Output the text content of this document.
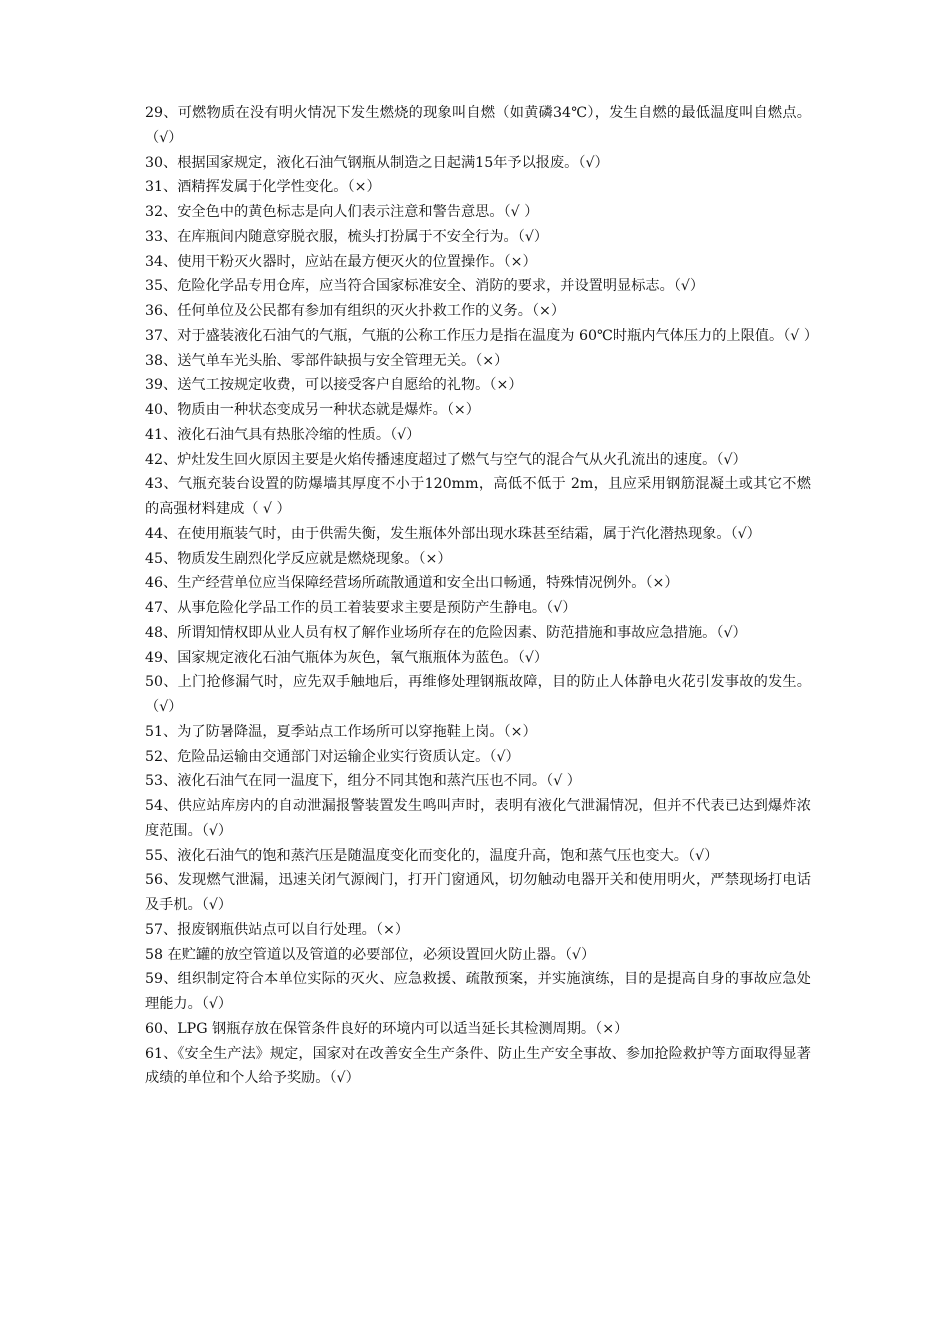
29、可燃物质在没有明火情况下发生燃烧的现象叫自燃（如黄磷34℃），发生自燃的最低温度叫自燃点。（√）

30、根据国家规定，液化石油气钢瓶从制造之日起满15年予以报废。（√）

31、酒精挥发属于化学性变化。（×）

32、安全色中的黄色标志是向人们表示注意和警告意思。（√ ）

33、在库瓶间内随意穿脱衣服，梳头打扮属于不安全行为。（√）

34、使用干粉灭火器时，应站在最方便灭火的位置操作。（×）

35、危险化学品专用仓库，应当符合国家标准安全、消防的要求，并设置明显标志。（√）

36、任何单位及公民都有参加有组织的灭火扑救工作的义务。（×）

37、对于盛装液化石油气的气瓶，气瓶的公称工作压力是指在温度为 60℃时瓶内气体压力的上限值。（√ ）

38、送气单车光头胎、零部件缺损与安全管理无关。（×）

39、送气工按规定收费，可以接受客户自愿给的礼物。（×）

40、物质由一种状态变成另一种状态就是爆炸。（×）

41、液化石油气具有热胀冷缩的性质。（√）

42、炉灶发生回火原因主要是火焰传播速度超过了燃气与空气的混合气从火孔流出的速度。（√）

43、气瓶充装台设置的防爆墙其厚度不小于120mm，高低不低于 2m，且应采用钢筋混凝土或其它不燃的高强材料建成（ √ ）

44、在使用瓶装气时，由于供需失衡，发生瓶体外部出现水珠甚至结霜，属于汽化潜热现象。（√）

45、物质发生剧烈化学反应就是燃烧现象。（×）

46、生产经营单位应当保障经营场所疏散通道和安全出口畅通，特殊情况例外。（×）

47、从事危险化学品工作的员工着装要求主要是预防产生静电。（√）

48、所谓知情权即从业人员有权了解作业场所存在的危险因素、防范措施和事故应急措施。（√）

49、国家规定液化石油气瓶体为灰色，氧气瓶瓶体为蓝色。（√）

50、上门抢修漏气时，应先双手触地后，再维修处理钢瓶故障，目的防止人体静电火花引发事故的发生。（√）

51、为了防暑降温，夏季站点工作场所可以穿拖鞋上岗。（×）

52、危险品运输由交通部门对运输企业实行资质认定。（√）

53、液化石油气在同一温度下，组分不同其饱和蒸汽压也不同。（√ ）

54、供应站库房内的自动泄漏报警装置发生鸣叫声时，表明有液化气泄漏情况，但并不代表已达到爆炸浓度范围。（√）

55、液化石油气的饱和蒸汽压是随温度变化而变化的，温度升高，饱和蒸气压也变大。（√）

56、发现燃气泄漏，迅速关闭气源阀门，打开门窗通风，切勿触动电器开关和使用明火，严禁现场打电话及手机。（√）

57、报废钢瓶供站点可以自行处理。（×）

58 在贮罐的放空管道以及管道的必要部位，必须设置回火防止器。（√）

59、组织制定符合本单位实际的灭火、应急救援、疏散预案，并实施演练，目的是提高自身的事故应急处理能力。（√）

60、LPG 钢瓶存放在保管条件良好的环境内可以适当延长其检测周期。（×）

61、《安全生产法》规定，国家对在改善安全生产条件、防止生产安全事故、参加抢险救护等方面取得显著成绩的单位和个人给予奖励。（√）
